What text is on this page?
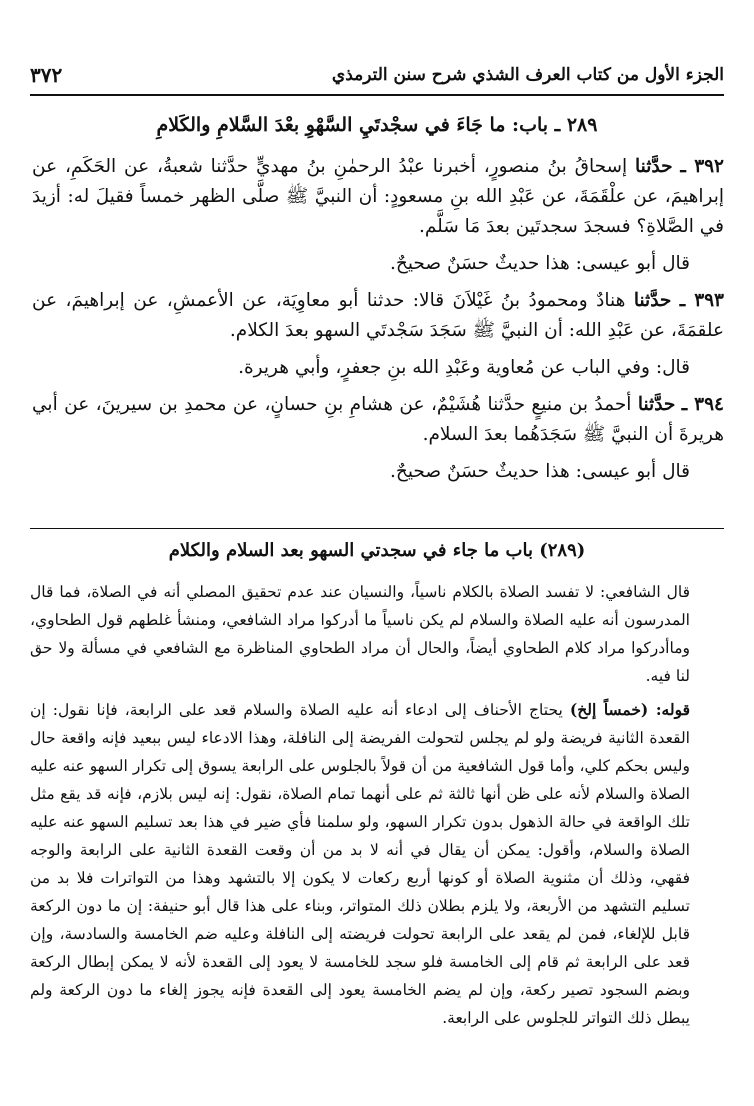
الجزء الأول من كتاب العرف الشذي شرح سنن الترمذي
٣٧٢
٢٨٩ ـ باب: ما جَاءَ في سجْدتَيِ السَّهْوِ بعْدَ السَّلامِ والكَلامِ

٣٩٢ ـ حدَّثنا إسحاقُ بنُ منصورٍ، أخبرنا عبْدُ الرحمٰنِ بنُ مهديٍّ حدَّثنا شعبةُ، عن الحَكَمِ، عن إبراهيمَ، عن علْقَمَةَ، عن عَبْدِ الله بنِ مسعودٍ: أن النبيَّ ﷺ صلَّى الظهر خمساً فقيلَ له: أزيدَ في الصَّلاةِ؟ فسجدَ سجدتَين بعدَ مَا سَلَّم.

قال أبو عيسى: هذا حديثٌ حسَنٌ صحيحٌ.

٣٩٣ ـ حدَّثنا هنادٌ ومحمودُ بنُ غَيْلاَنَ قالا: حدثنا أبو معاوِيَة، عن الأعمشِ، عن إبراهيمَ، عن علقمَةَ، عن عَبْدِ الله: أن النبيَّ ﷺ سَجَدَ سَجْدتَي السهو بعدَ الكلام.

قال: وفي الباب عن مُعاوية وعَبْدِ الله بنِ جعفرٍ، وأبي هريرة.

٣٩٤ ـ حدَّثنا أحمدُ بن منيعٍ حدَّثنا هُشَيْمٌ، عن هشامِ بنِ حسانٍ، عن محمدِ بن سيرينَ، عن أبي هريرةَ أن النبيَّ ﷺ سَجَدَهُما بعدَ السلام.

قال أبو عيسى: هذا حديثٌ حسَنٌ صحيحٌ.

(٢٨٩) باب ما جاء في سجدتي السهو بعد السلام والكلام

قال الشافعي: لا تفسد الصلاة بالكلام ناسياً، والنسيان عند عدم تحقيق المصلي أنه في الصلاة، فما قال المدرسون أنه عليه الصلاة والسلام لم يكن ناسياً ما أدركوا مراد الشافعي، ومنشأ غلطهم قول الطحاوي، وماأدركوا مراد كلام الطحاوي أيضاً، والحال أن مراد الطحاوي المناظرة مع الشافعي في مسألة ولا حق لنا فيه.

قوله: (خمساً إلخ) يحتاج الأحناف إلى ادعاء أنه عليه الصلاة والسلام قعد على الرابعة، فإنا نقول: إن القعدة الثانية فريضة ولو لم يجلس لتحولت الفريضة إلى النافلة، وهذا الادعاء ليس ببعيد فإنه واقعة حال وليس بحكم كلي، وأما قول الشافعية من أن قولاً بالجلوس على الرابعة يسوق إلى تكرار السهو عنه عليه الصلاة والسلام لأنه على ظن أنها ثالثة ثم على أنهما تمام الصلاة، نقول: إنه ليس بلازم، فإنه قد يقع مثل تلك الواقعة في حالة الذهول بدون تكرار السهو، ولو سلمنا فأي ضير في هذا بعد تسليم السهو عنه عليه الصلاة والسلام، وأقول: يمكن أن يقال في أنه لا بد من أن وقعت القعدة الثانية على الرابعة والوجه فقهي، وذلك أن مثنوية الصلاة أو كونها أربع ركعات لا يكون إلا بالتشهد وهذا من التواترات فلا بد من تسليم التشهد من الأربعة، ولا يلزم بطلان ذلك المتواتر، وبناء على هذا قال أبو حنيفة: إن ما دون الركعة قابل للإلغاء، فمن لم يقعد على الرابعة تحولت فريضته إلى النافلة وعليه ضم الخامسة والسادسة، وإن قعد على الرابعة ثم قام إلى الخامسة فلو سجد للخامسة لا يعود إلى القعدة لأنه لا يمكن إبطال الركعة وبضم السجود تصير ركعة، وإن لم يضم الخامسة يعود إلى القعدة فإنه يجوز إلغاء ما دون الركعة ولم يبطل ذلك التواتر للجلوس على الرابعة.
